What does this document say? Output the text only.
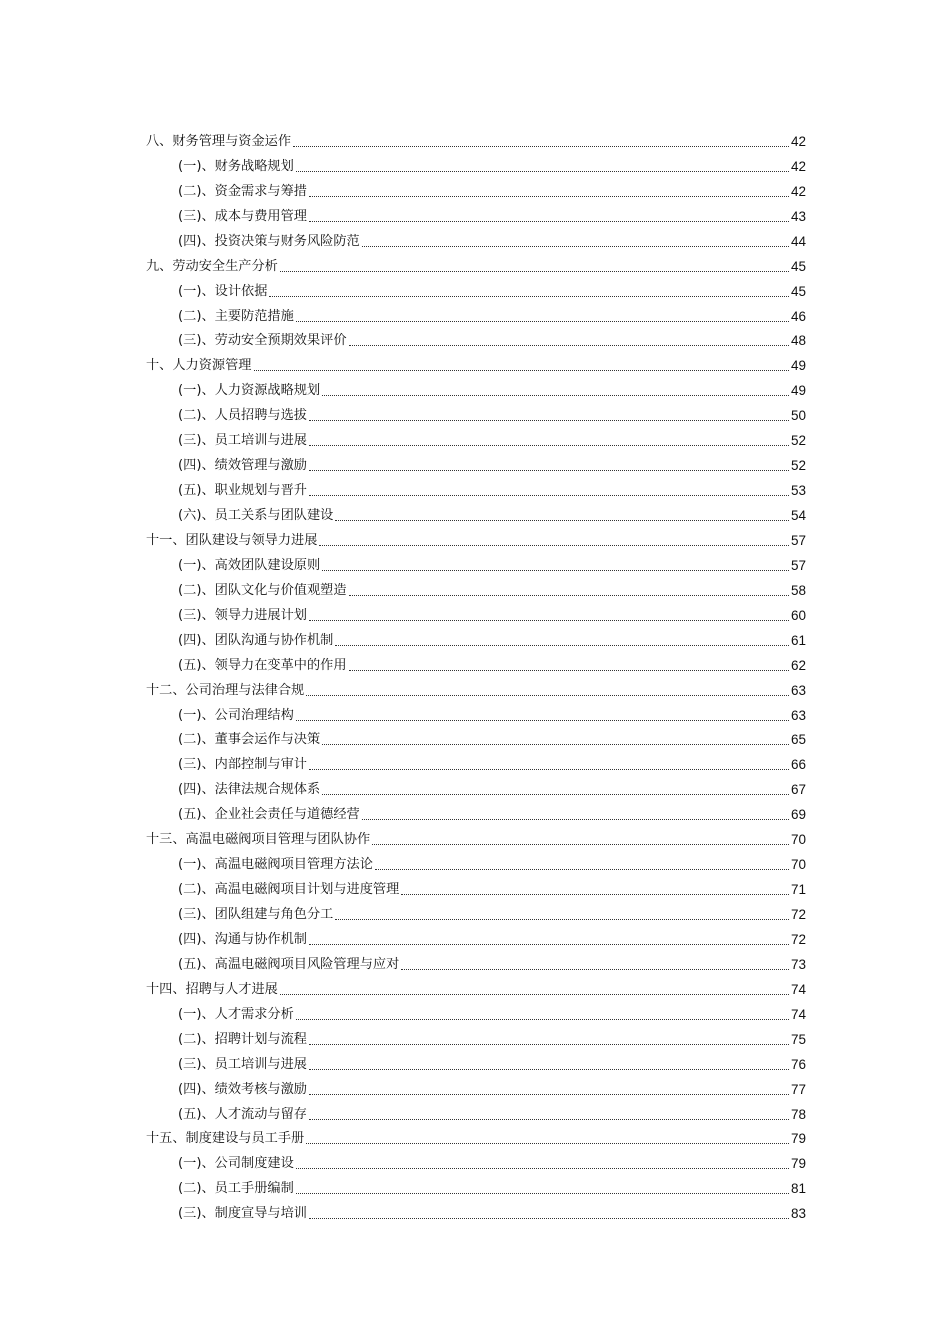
八、财务管理与资金运作	42
(一)、财务战略规划	42
(二)、资金需求与筹措	42
(三)、成本与费用管理	43
(四)、投资决策与财务风险防范	44
九、劳动安全生产分析	45
(一)、设计依据	45
(二)、主要防范措施	46
(三)、劳动安全预期效果评价	48
十、人力资源管理	49
(一)、人力资源战略规划	49
(二)、人员招聘与选拔	50
(三)、员工培训与进展	52
(四)、绩效管理与激励	52
(五)、职业规划与晋升	53
(六)、员工关系与团队建设	54
十一、团队建设与领导力进展	57
(一)、高效团队建设原则	57
(二)、团队文化与价值观塑造	58
(三)、领导力进展计划	60
(四)、团队沟通与协作机制	61
(五)、领导力在变革中的作用	62
十二、公司治理与法律合规	63
(一)、公司治理结构	63
(二)、董事会运作与决策	65
(三)、内部控制与审计	66
(四)、法律法规合规体系	67
(五)、企业社会责任与道德经营	69
十三、高温电磁阀项目管理与团队协作	70
(一)、高温电磁阀项目管理方法论	70
(二)、高温电磁阀项目计划与进度管理	71
(三)、团队组建与角色分工	72
(四)、沟通与协作机制	72
(五)、高温电磁阀项目风险管理与应对	73
十四、招聘与人才进展	74
(一)、人才需求分析	74
(二)、招聘计划与流程	75
(三)、员工培训与进展	76
(四)、绩效考核与激励	77
(五)、人才流动与留存	78
十五、制度建设与员工手册	79
(一)、公司制度建设	79
(二)、员工手册编制	81
(三)、制度宣导与培训	83
